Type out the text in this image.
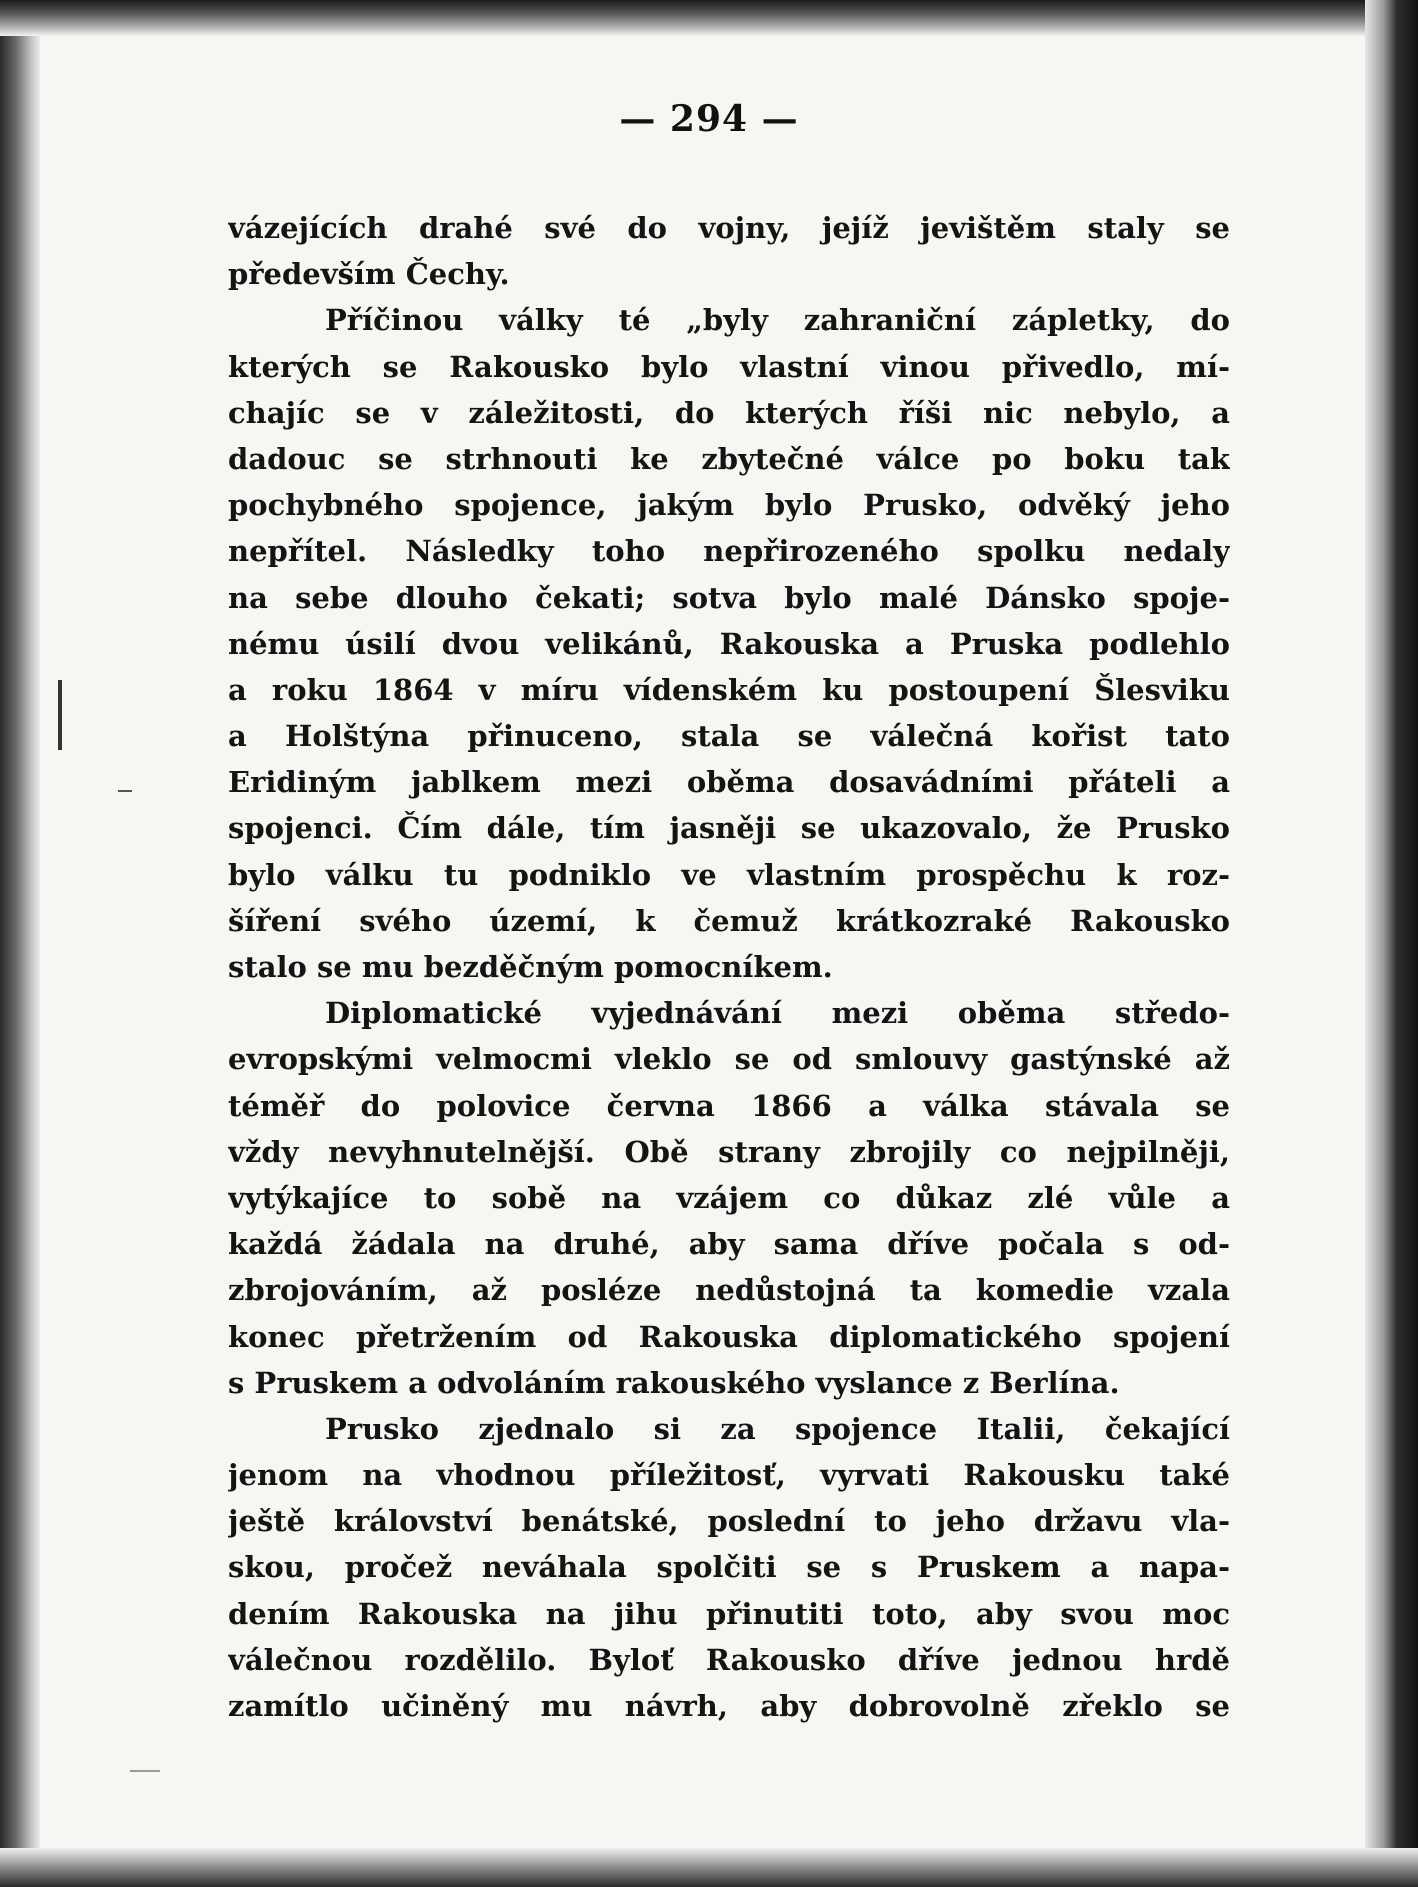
— 294 —
vázejících drahé své do vojny, jejíž jevištěm staly se
především Čechy.
Příčinou války té „byly zahraniční zápletky, do
kterých se Rakousko bylo vlastní vinou přivedlo, mí-
chajíc se v záležitosti, do kterých říši nic nebylo, a
dadouc se strhnouti ke zbytečné válce po boku tak
pochybného spojence, jakým bylo Prusko, odvěký jeho
nepřítel. Následky toho nepřirozeného spolku nedaly
na sebe dlouho čekati; sotva bylo malé Dánsko spoje-
nému úsilí dvou velikánů, Rakouska a Pruska podlehlo
a roku 1864 v míru vídenském ku postoupení Šlesviku
a Holštýna přinuceno, stala se válečná kořist tato
Eridiným jablkem mezi oběma dosavádními přáteli a
spojenci. Čím dále, tím jasněji se ukazovalo, že Prusko
bylo válku tu podniklo ve vlastním prospěchu k roz-
šíření svého území, k čemuž krátkozraké Rakousko
stalo se mu bezděčným pomocníkem.
Diplomatické vyjednávání mezi oběma středo-
evropskými velmocmi vleklo se od smlouvy gastýnské až
téměř do polovice června 1866 a válka stávala se
vždy nevyhnutelnější. Obě strany zbrojily co nejpilněji,
vytýkajíce to sobě na vzájem co důkaz zlé vůle a
každá žádala na druhé, aby sama dříve počala s od-
zbrojováním, až posléze nedůstojná ta komedie vzala
konec přetržením od Rakouska diplomatického spojení
s Pruskem a odvoláním rakouského vyslance z Berlína.
Prusko zjednalo si za spojence Italii, čekající
jenom na vhodnou příležitosť, vyrvati Rakousku také
ještě království benátské, poslední to jeho državu vla-
skou, pročež neváhala spolčiti se s Pruskem a napa-
dením Rakouska na jihu přinutiti toto, aby svou moc
válečnou rozdělilo. Byloť Rakousko dříve jednou hrdě
zamítlo učiněný mu návrh, aby dobrovolně zřeklo se
